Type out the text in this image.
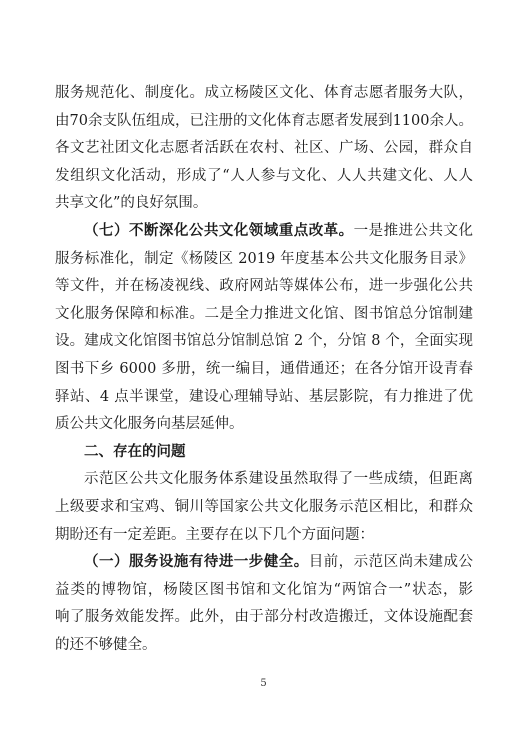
服务规范化、制度化。成立杨陵区文化、体育志愿者服务大队，
由70余支队伍组成，已注册的文化体育志愿者发展到1100余人。
各文艺社团文化志愿者活跃在农村、社区、广场、公园，群众自
发组织文化活动，形成了“人人参与文化、人人共建文化、人人
共享文化”的良好氛围。
（七）不断深化公共文化领域重点改革。一是推进公共文化
服务标准化，制定《杨陵区 2019 年度基本公共文化服务目录》
等文件，并在杨凌视线、政府网站等媒体公布，进一步强化公共
文化服务保障和标准。二是全力推进文化馆、图书馆总分馆制建
设。建成文化馆图书馆总分馆制总馆 2 个，分馆 8 个，全面实现
图书下乡 6000 多册，统一编目，通借通还；在各分馆开设青春
驿站、4 点半课堂，建设心理辅导站、基层影院，有力推进了优
质公共文化服务向基层延伸。
二、存在的问题
示范区公共文化服务体系建设虽然取得了一些成绩，但距离
上级要求和宝鸡、铜川等国家公共文化服务示范区相比，和群众
期盼还有一定差距。主要存在以下几个方面问题：
（一）服务设施有待进一步健全。目前，示范区尚未建成公
益类的博物馆，杨陵区图书馆和文化馆为“两馆合一”状态，影
响了服务效能发挥。此外，由于部分村改造搬迁，文体设施配套
的还不够健全。
5
